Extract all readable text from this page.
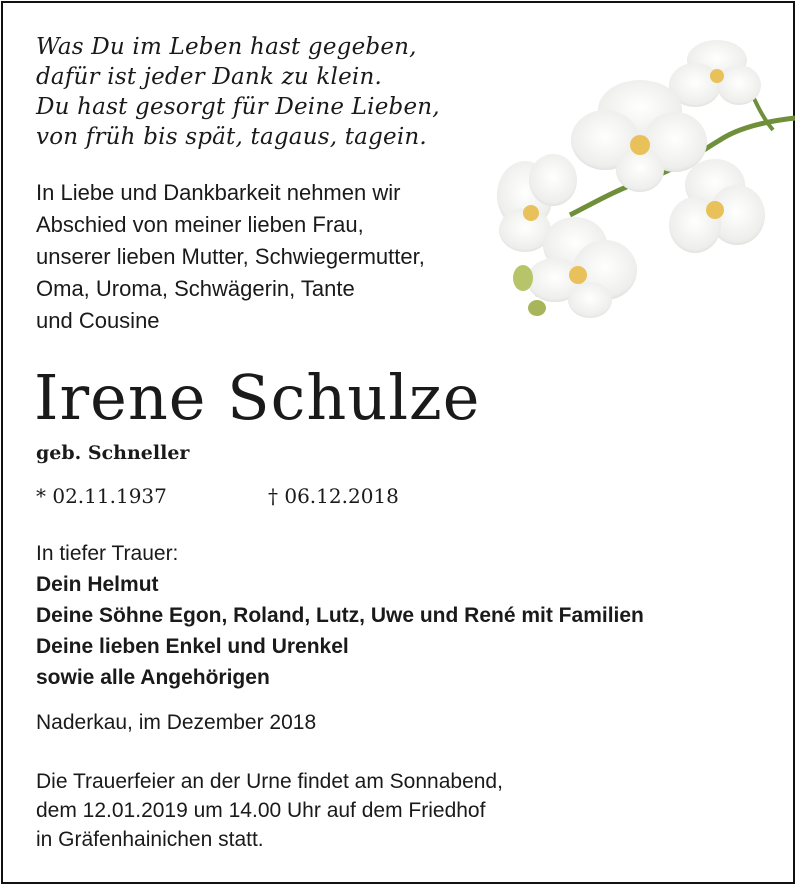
Was Du im Leben hast gegeben,
dafür ist jeder Dank zu klein.
Du hast gesorgt für Deine Lieben,
von früh bis spät, tagaus, tagein.
In Liebe und Dankbarkeit nehmen wir
Abschied von meiner lieben Frau,
unserer lieben Mutter, Schwiegermutter,
Oma, Uroma, Schwägerin, Tante
und Cousine
Irene Schulze
geb. Schneller
* 02.11.1937	† 06.12.2018
In tiefer Trauer:
Dein Helmut
Deine Söhne Egon, Roland, Lutz, Uwe und René mit Familien
Deine lieben Enkel und Urenkel
sowie alle Angehörigen
Naderkau, im Dezember 2018
Die Trauerfeier an der Urne findet am Sonnabend,
dem 12.01.2019 um 14.00 Uhr auf dem Friedhof
in Gräfenhainichen statt.
